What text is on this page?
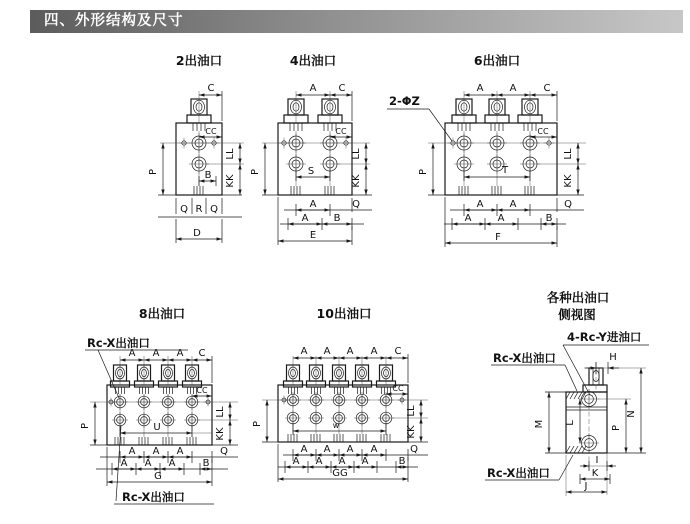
四、外形结构及尺寸
2出油口
C
CC
B
P
LL
KK
Q R Q
D
4出油口
A C
CC
S
P
LL
KK
A	Q
A	B
E
6出油口
2-ΦZ
A	A	C
CC
T
P
LL
KK
A	A	Q
A	A	B
F
8出油口
Rc-X出油口
A A A C
CC
U
P
LL
KK
A A A	Q
A A A	B
G
Rc-X出油口
10出油口
A A A A C
CC
w
P
LL
KK
A A A A	Q
A A A A	B
GG
各种出油口
侧视图
4-Rc-Y进油口
Rc-X出油口	H
N
M L
P
I
K
J
Rc-X出油口
